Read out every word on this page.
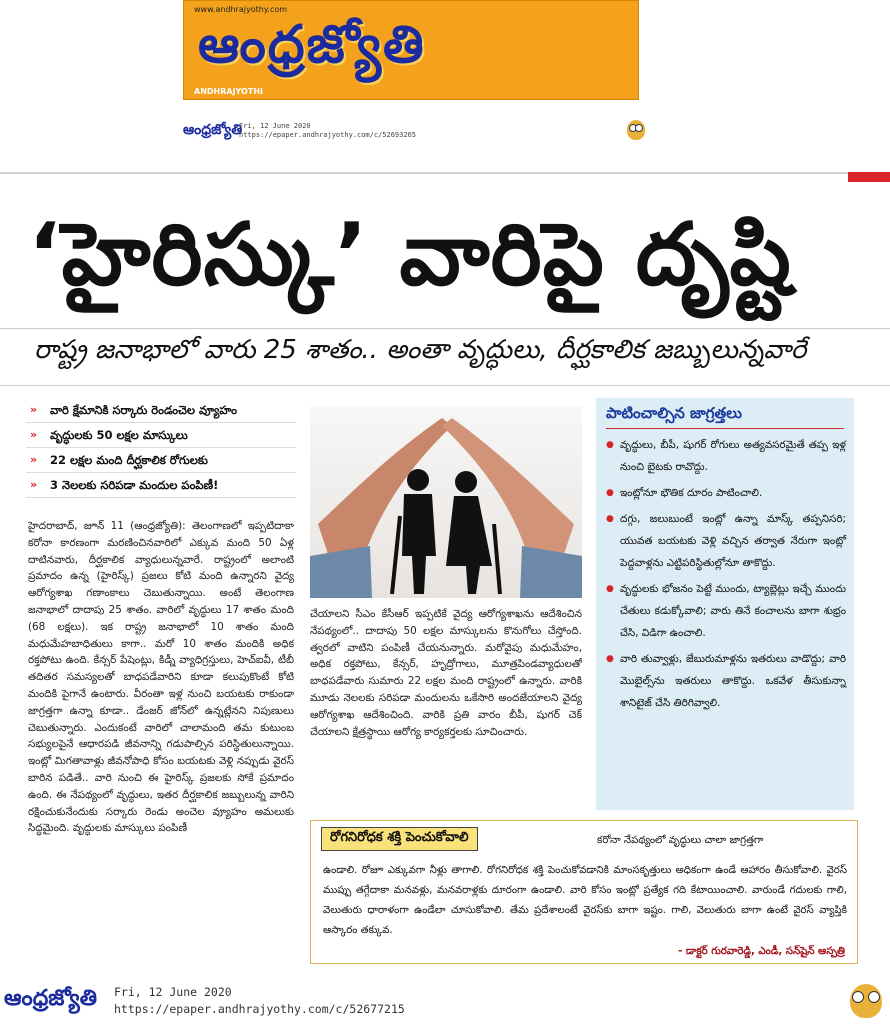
www.andhrajyothy.com
ఆంధ్రజ్యోతి
ANDHRAJYOTHI
ఆంధ్రజ్యోతి
Fri, 12 June 2020
https://epaper.andhrajyothy.com/c/52693265
‘హైరిస్కు’ వారిపై దృష్టి
రాష్ట్ర జనాభాలో వారు 25 శాతం.. అంతా వృద్ధులు, దీర్ఘకాలిక జబ్బులున్నవారే
» వారి క్షేమానికి సర్కారు రెండంచెల వ్యూహం
» వృద్ధులకు 50 లక్షల మాస్కులు
» 22 లక్షల మంది దీర్ఘకాలిక రోగులకు
» 3 నెలలకు సరిపడా మందుల పంపిణీ!
హైదరాబాద్, జూన్ 11 (ఆంధ్రజ్యోతి): తెలంగాణలో ఇప్పటిదాకా కరోనా కారణంగా మరణించినవారిలో ఎక్కువ మంది 50 ఏళ్ల దాటినవారు, దీర్ఘకాలిక వ్యాధులున్నవారే. రాష్ట్రంలో అలాంటి ప్రమాదం ఉన్న (హైరిస్క్) ప్రజలు కోటి మంది ఉన్నారని వైద్య ఆరోగ్యశాఖ గణాంకాలు చెబుతున్నాయి. అంటే తెలంగాణ జనాభాలో దాదాపు 25 శాతం. వారిలో వృద్ధులు 17 శాతం మంది (68 లక్షలు). ఇక రాష్ట్ర జనాభాలో 10 శాతం మంది మధుమేహబాధితులు కాగా.. మరో 10 శాతం మందికి అధిక రక్తపోటు ఉంది. కేన్సర్ పేషెంట్లు, కిడ్నీ వ్యాధిగ్రస్తులు, హెచ్ఐవీ, టీబీ తదితర సమస్యలతో బాధపడేవారిని కూడా కలుపుకొంటే కోటి మందికి పైగానే ఉంటారు. వీరంతా ఇళ్ల నుంచి బయటకు రాకుండా జాగ్రత్తగా ఉన్నా కూడా.. డేంజర్ జోన్‌లో ఉన్నట్లేనని నిపుణులు చెబుతున్నారు. ఎందుకంటే వారిలో చాలామంది తమ కుటుంబ సభ్యులపైనే ఆధారపడి జీవనాన్ని గడుపాల్సిన పరిస్థితులున్నాయి. ఇంట్లో మిగతావాళ్లు జీవనోపాధి కోసం బయటకు వెళ్లి నప్పుడు వైరస్ బారిన పడితే.. వారి నుంచి ఈ హైరిస్క్ ప్రజలకు సోకే ప్రమాదం ఉంది. ఈ నేపథ్యంలో వృద్ధులు, ఇతర దీర్ఘకాలిక జబ్బులున్న వారిని రక్షించుకునేందుకు సర్కారు రెండు అంచెల వ్యూహం అమలుకు సిద్ధమైంది. వృద్ధులకు మాస్కులు పంపిణీ
చేయాలని సీఎం కేసీఆర్ ఇప్పటికే వైద్య ఆరోగ్యశాఖను ఆదేశించిన నేపథ్యంలో.. దాదాపు 50 లక్షల మాస్కులను కొనుగోలు చేస్తోంది. త్వరలో వాటిని పంపిణీ చేయనున్నారు. మరోవైపు మధుమేహం, అధిక రక్తపోటు, కేన్సర్, హృద్రోగాలు, మూత్రపిండవ్యాధులతో బాధపడేవారు సుమారు 22 లక్షల మంది రాష్ట్రంలో ఉన్నారు. వారికి మూడు నెలలకు సరిపడా మందులను ఒకేసారి అందజేయాలని వైద్య ఆరోగ్యశాఖ ఆదేశించింది. వారికి ప్రతి వారం బీపీ, షుగర్ చెక్ చేయాలని క్షేత్రస్థాయి ఆరోగ్య కార్యకర్తలకు సూచించారు.
పాటించాల్సిన జాగ్రత్తలు
● వృద్ధులు, బీపీ, షుగర్ రోగులు అత్యవసరమైతే తప్ప ఇళ్ల నుంచి బైటకు రావొద్దు.
● ఇంట్లోనూ భౌతిక దూరం పాటించాలి.
● దగ్గు, జలుబుంటే ఇంట్లో ఉన్నా మాస్క్ తప్పనిసరి; యువత బయటకు వెళ్లి వచ్చిన తర్వాత నేరుగా ఇంట్లో పెద్దవాళ్లను ఎట్టిపరిస్థితుల్లోనూ తాకొద్దు.
● వృద్ధులకు భోజనం పెట్టే ముందు, ట్యాబ్లెట్లు ఇచ్చే ముందు చేతులు కడుక్కోవాలి; వారు తినే కంచాలను బాగా శుభ్రం చేసి, విడిగా ఉంచాలి.
● వారి తువ్వాళ్లు, జేబురుమాళ్లను ఇతరులు వాడొద్దు; వారి మొబైల్స్‌ను ఇతరులు తాకొద్దు. ఒకవేళ తీసుకున్నా శానిటైజ్ చేసి తిరిగివ్వాలి.
రోగనిరోధక శక్తి పెంచుకోవాలి	కరోనా నేపథ్యంలో వృద్ధులు చాలా జాగ్రత్తగా
ఉండాలి. రోజూ ఎక్కువగా నీళ్లు తాగాలి. రోగనిరోధక శక్తి పెంచుకోవడానికి మాంసకృత్తులు అధికంగా ఉండే ఆహారం తీసుకోవాలి. వైరస్ ముప్పు తగ్గేదాకా మనవళ్లు, మనవరాళ్లకు దూరంగా ఉండాలి. వారి కోసం ఇంట్లో ప్రత్యేక గది కేటాయించాలి. వారుండే గదులకు గాలి, వెలుతురు ధారాళంగా ఉండేలా చూసుకోవాలి. తేమ ప్రదేశాలంటే వైరస్‌కు బాగా ఇష్టం. గాలి, వెలుతురు బాగా ఉంటే వైరస్ వ్యాప్తికి ఆస్కారం తక్కువ.
- డాక్టర్ గురవారెడ్డి, ఎండీ, సన్‌షైన్ ఆస్పత్రి
ఆంధ్రజ్యోతి Fri, 12 June 2020
https://epaper.andhrajyothy.com/c/52677215
